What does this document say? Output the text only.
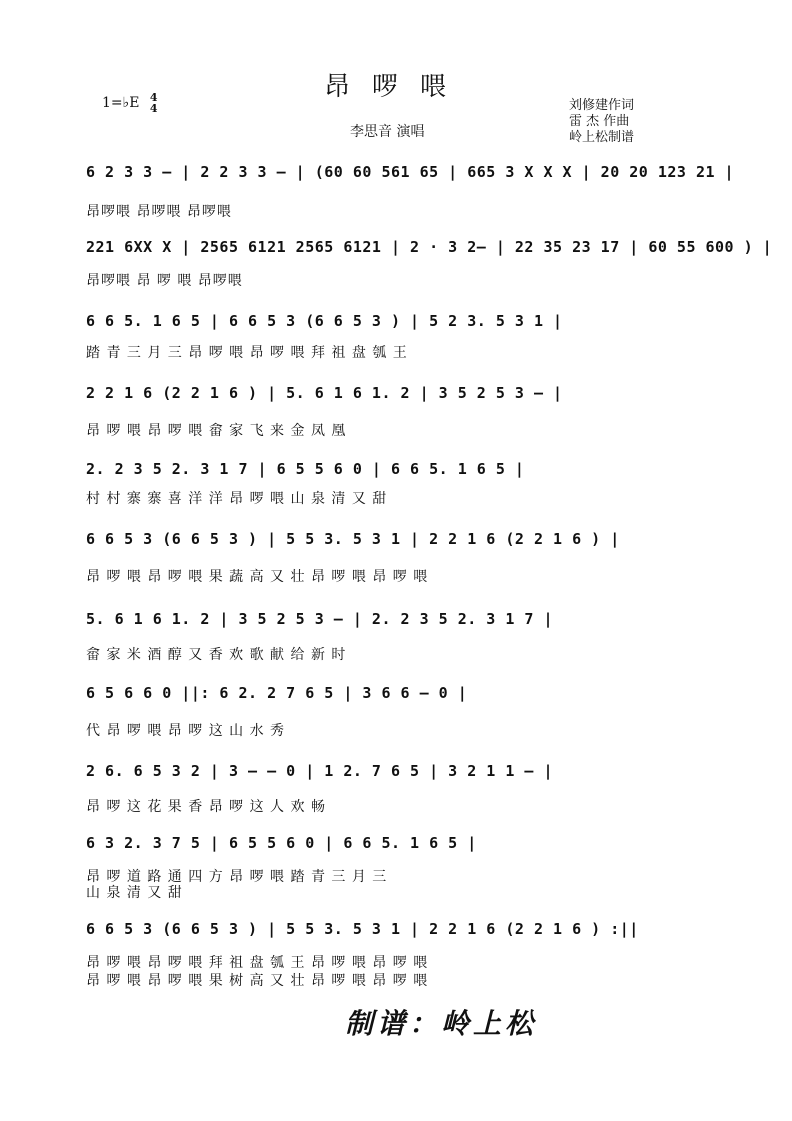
昂啰喂
1=♭E 4
4
李思音 演唱
刘修建作词
雷 杰 作曲
岭上松制谱
6 2 3 3 – | 2 2 3 3 – | (60 60 561 65 | 665 3 X X X | 20 20 123 21 |
昂啰喂 昂啰喂 昂啰喂
221 6XX X | 2565 6121 2565 6121 | 2 · 3 2– | 22 35 23 17 | 60 55 600 ) |
昂啰喂 昂 啰 喂 昂啰喂
6 6 5. 1 6 5 | 6 6 5 3 (6 6 5 3 ) | 5 2 3. 5 3 1 |
踏 青 三 月 三 昂 啰 喂 昂 啰 喂 拜 祖 盘 瓠 王
2 2 1 6 (2 2 1 6 ) | 5. 6 1 6 1. 2 | 3 5 2 5 3 – |
昂 啰 喂 昂 啰 喂 畲 家 飞 来 金 凤 凰
2. 2 3 5 2. 3 1 7 | 6 5 5 6 0 | 6 6 5. 1 6 5 |
村 村 寨 寨 喜 洋 洋 昂 啰 喂 山 泉 清 又 甜
6 6 5 3 (6 6 5 3 ) | 5 5 3. 5 3 1 | 2 2 1 6 (2 2 1 6 ) |
昂 啰 喂 昂 啰 喂 果 蔬 高 又 壮 昂 啰 喂 昂 啰 喂
5. 6 1 6 1. 2 | 3 5 2 5 3 – | 2. 2 3 5 2. 3 1 7 |
畲 家 米 酒 醇 又 香 欢 歌 献 给 新 时
6 5 6 6 0 ||: 6 2. 2 7 6 5 | 3 6 6 – 0 |
代 昂 啰 喂 昂 啰 这 山 水 秀
2 6. 6 5 3 2 | 3 – – 0 | 1 2. 7 6 5 | 3 2 1 1 – |
昂 啰 这 花 果 香 昂 啰 这 人 欢 畅
6 3 2. 3 7 5 | 6 5 5 6 0 | 6 6 5. 1 6 5 |
昂 啰 道 路 通 四 方 昂 啰 喂 踏 青 三 月 三
山 泉 清 又 甜
6 6 5 3 (6 6 5 3 ) | 5 5 3. 5 3 1 | 2 2 1 6 (2 2 1 6 ) :||
昂 啰 喂 昂 啰 喂 拜 祖 盘 瓠 王 昂 啰 喂 昂 啰 喂
昂 啰 喂 昂 啰 喂 果 树 高 又 壮 昂 啰 喂 昂 啰 喂
制谱：岭上松
